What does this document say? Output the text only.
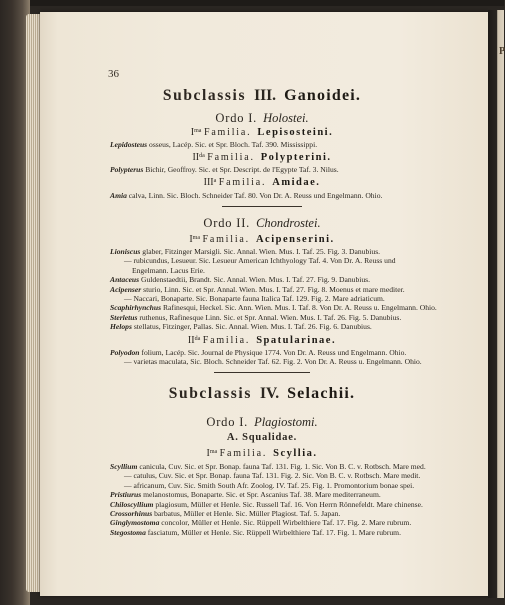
P
36

Subclassis III. Ganoidei.

Ordo I. Holostei.

$I^{ma}$ Familia. Lepisosteini.

Lepidosteus osseus, Lacép. Sic. et Spr. Bloch. Taf. 390. Mississippi.

$II^{da}$ Familia. Polypterini.

Polypterus Bichir, Geoffroy. Sic. et Spr. Descript. de l'Egypte Taf. 3. Nilus.

III$^a$ Familia. Amidae.

Amia calva, Linn. Sic. Bloch. Schneider Taf. 80. Von Dr. A. Reuss und Engelmann. Ohio.

Ordo II. Chondrostei.

$I^{ma}$ Familia. Acipenserini.

Lioniscus glaber, Fitzinger Marsigli. Sic. Annal. Wien. Mus. I. Taf. 25. Fig. 3. Danubius.

— rubicundus, Lesueur. Sic. Lesueur American Ichthyology Taf. 4. Von Dr. A. Reuss und

Engelmann. Lacus Erie.

Antaceus Guldenstaedtii, Brandt. Sic. Annal. Wien. Mus. I. Taf. 27. Fig. 9. Danubius.

Acipenser sturio, Linn. Sic. et Spr. Annal. Wien. Mus. I. Taf. 27. Fig. 8. Moenus et mare mediter.

— Naccari, Bonaparte. Sic. Bonaparte fauna Italica Taf. 129. Fig. 2. Mare adriaticum.

Scaphirhynchus Rafinesqui, Heckel. Sic. Ann. Wien. Mus. I. Taf. 8. Von Dr. A. Reuss u. Engelmann. Ohio.

Sterletus ruthenus, Rafinesque Linn. Sic. et Spr. Annal. Wien. Mus. I. Taf. 26. Fig. 5. Danubius.

Helops stellatus, Fitzinger, Pallas. Sic. Annal. Wien. Mus. I. Taf. 26. Fig. 6. Danubius.

$II^{da}$ Familia. Spatularinae.

Polyodon folium, Lacép. Sic. Journal de Physique 1774. Von Dr. A. Reuss und Engelmann. Ohio.

— varietas maculata, Sic. Bloch. Schneider Taf. 62. Fig. 2. Von Dr. A. Reuss u. Engelmann. Ohio.

Subclassis IV. Selachii.

Ordo I. Plagiostomi.

A. Squalidae.

$I^{ma}$ Familia. Scyllia.

Scyllium canicula, Cuv. Sic. et Spr. Bonap. fauna Taf. 131. Fig. 1. Sic. Von B. C. v. Rotbsch. Mare med.

— catulus, Cuv. Sic. et Spr. Bonap. fauna Taf. 131. Fig. 2. Sic. Von B. C. v. Rotbsch. Mare medit.

— africanum, Cuv. Sic. Smith South Afr. Zoolog. IV. Taf. 25. Fig. 1. Promontorium bonae spei.

Pristiurus melanostomus, Bonaparte. Sic. et Spr. Ascanius Taf. 38. Mare mediterraneum.

Chiloscyllium plagiosum, Müller et Henle. Sic. Russell Taf. 16. Von Herrn Rönnefeldt. Mare chinense.

Crossorhinus barbatus, Müller et Henle. Sic. Müller Plagiost. Taf. 5. Japan.

Ginglymostoma concolor, Müller et Henle. Sic. Rüppell Wirbelthiere Taf. 17. Fig. 2. Mare rubrum.

Stegostoma fasciatum, Müller et Henle. Sic. Rüppell Wirbelthiere Taf. 17. Fig. 1. Mare rubrum.
